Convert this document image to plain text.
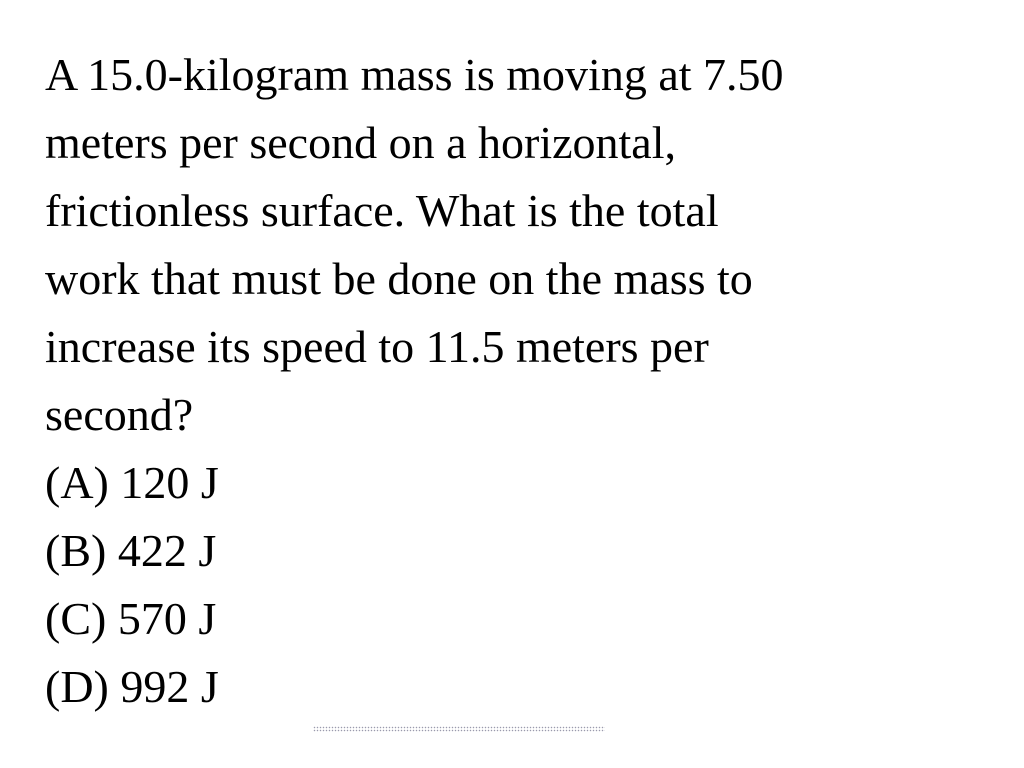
A 15.0-kilogram mass is moving at 7.50
meters per second on a horizontal,
frictionless surface. What is the total
work that must be done on the mass to
increase its speed to 11.5 meters per
second?
(A) 120 J
(B) 422 J
(C) 570 J
(D) 992 J
